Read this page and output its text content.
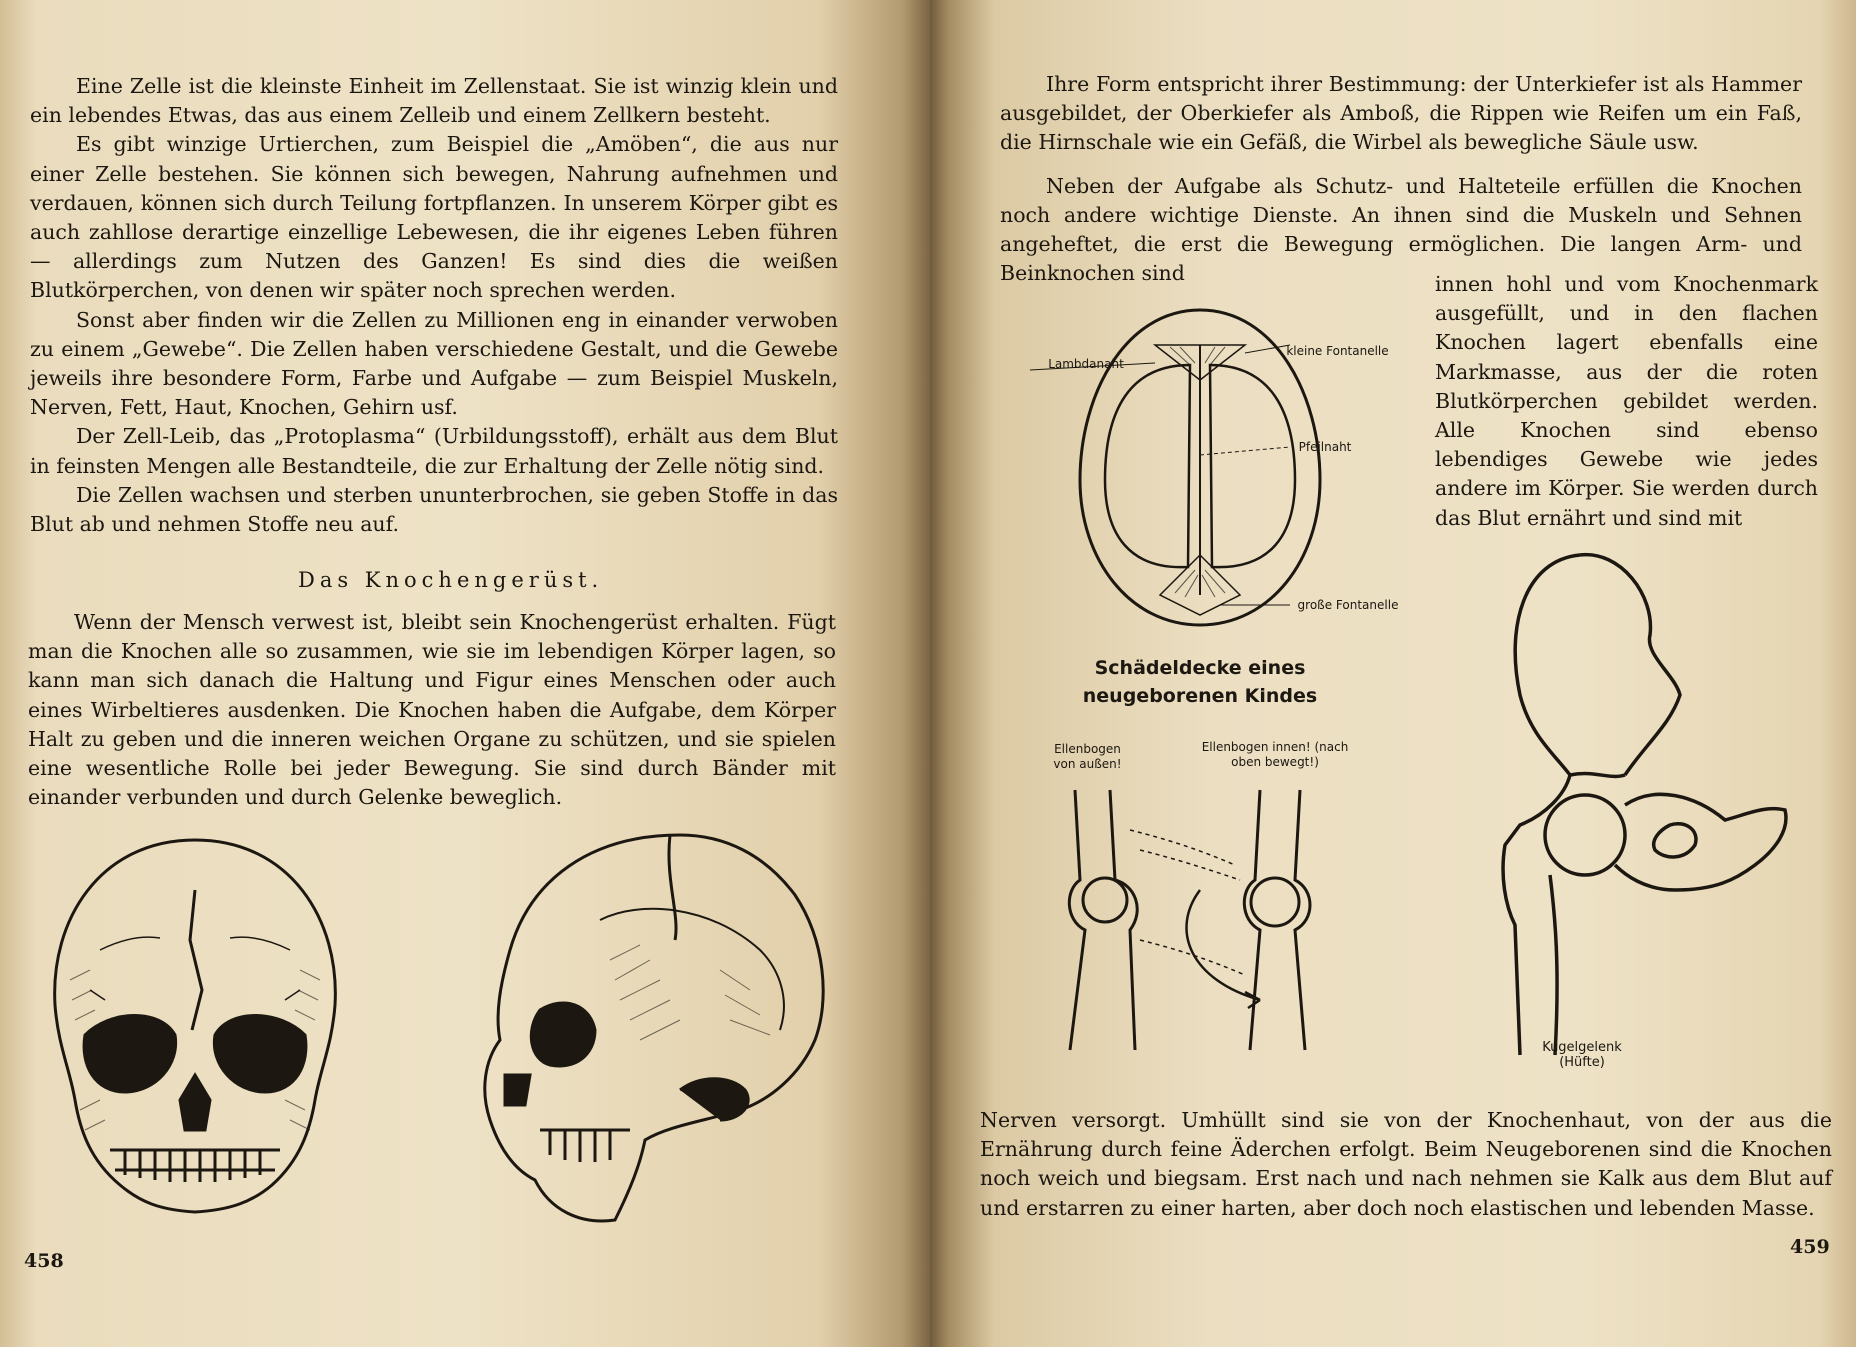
Eine Zelle ist die kleinste Einheit im Zellenstaat. Sie ist winzig klein und ein lebendes Etwas, das aus einem Zelleib und einem Zellkern besteht.

Es gibt winzige Urtierchen, zum Beispiel die „Amöben“, die aus nur einer Zelle bestehen. Sie können sich bewegen, Nahrung aufnehmen und verdauen, können sich durch Teilung fortpflanzen. In unserem Körper gibt es auch zahllose derartige einzellige Lebewesen, die ihr eigenes Leben führen — allerdings zum Nutzen des Ganzen! Es sind dies die weißen Blutkörperchen, von denen wir später noch sprechen werden.

Sonst aber finden wir die Zellen zu Millionen eng in einander verwoben zu einem „Gewebe“. Die Zellen haben verschiedene Gestalt, und die Gewebe jeweils ihre besondere Form, Farbe und Aufgabe — zum Beispiel Muskeln, Nerven, Fett, Haut, Knochen, Gehirn usf.

Der Zell-Leib, das „Protoplasma“ (Urbildungsstoff), erhält aus dem Blut in feinsten Mengen alle Bestandteile, die zur Erhaltung der Zelle nötig sind.

Die Zellen wachsen und sterben ununterbrochen, sie geben Stoffe in das Blut ab und nehmen Stoffe neu auf.

Das Knochengerüst.

Wenn der Mensch verwest ist, bleibt sein Knochengerüst erhalten. Fügt man die Knochen alle so zusammen, wie sie im lebendigen Körper lagen, so kann man sich danach die Haltung und Figur eines Menschen oder auch eines Wirbeltieres ausdenken. Die Knochen haben die Aufgabe, dem Körper Halt zu geben und die inneren weichen Organe zu schützen, und sie spielen eine wesentliche Rolle bei jeder Bewegung. Sie sind durch Bänder mit einander verbunden und durch Gelenke beweglich.

458

Ihre Form entspricht ihrer Bestimmung: der Unterkiefer ist als Hammer ausgebildet, der Oberkiefer als Amboß, die Rippen wie Reifen um ein Faß, die Hirnschale wie ein Gefäß, die Wirbel als bewegliche Säule usw.

Neben der Aufgabe als Schutz- und Halteteile erfüllen die Knochen noch andere wichtige Dienste. An ihnen sind die Muskeln und Sehnen angeheftet, die erst die Bewegung ermöglichen. Die langen Arm- und Beinknochen sind	innen hohl und vom Knochenmark ausgefüllt, und in den flachen Knochen lagert ebenfalls eine Markmasse, aus der die roten Blutkörperchen gebildet werden. Alle Knochen sind ebenso lebendiges Gewebe wie jedes andere im Körper. Sie werden durch das Blut ernährt und sind mit

Lambdanaht
kleine Fontanelle
Pfeilnaht
große Fontanelle
Schädeldecke eines neugeborenen Kindes
Ellenbogen von außen!
Ellenbogen innen! (nach oben bewegt!)
Kugelgelenk (Hüfte)

Nerven versorgt. Umhüllt sind sie von der Knochenhaut, von der aus die Ernährung durch feine Äderchen erfolgt. Beim Neugeborenen sind die Knochen noch weich und biegsam. Erst nach und nach nehmen sie Kalk aus dem Blut auf und erstarren zu einer harten, aber doch noch elastischen und lebenden Masse.

459
